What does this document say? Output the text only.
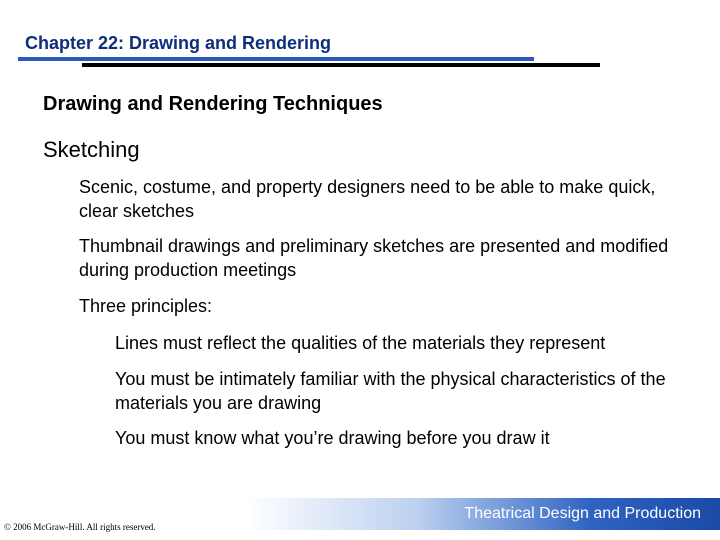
Chapter 22: Drawing and Rendering
Drawing and Rendering Techniques
Sketching
Scenic, costume, and property designers need to be able to make quick, clear sketches
Thumbnail drawings and preliminary sketches are presented and modified during production meetings
Three principles:
Lines must reflect the qualities of the materials they represent
You must be intimately familiar with the physical characteristics of the materials you are drawing
You must know what you’re drawing before you draw it
Theatrical Design and Production
© 2006 McGraw-Hill. All rights reserved.
